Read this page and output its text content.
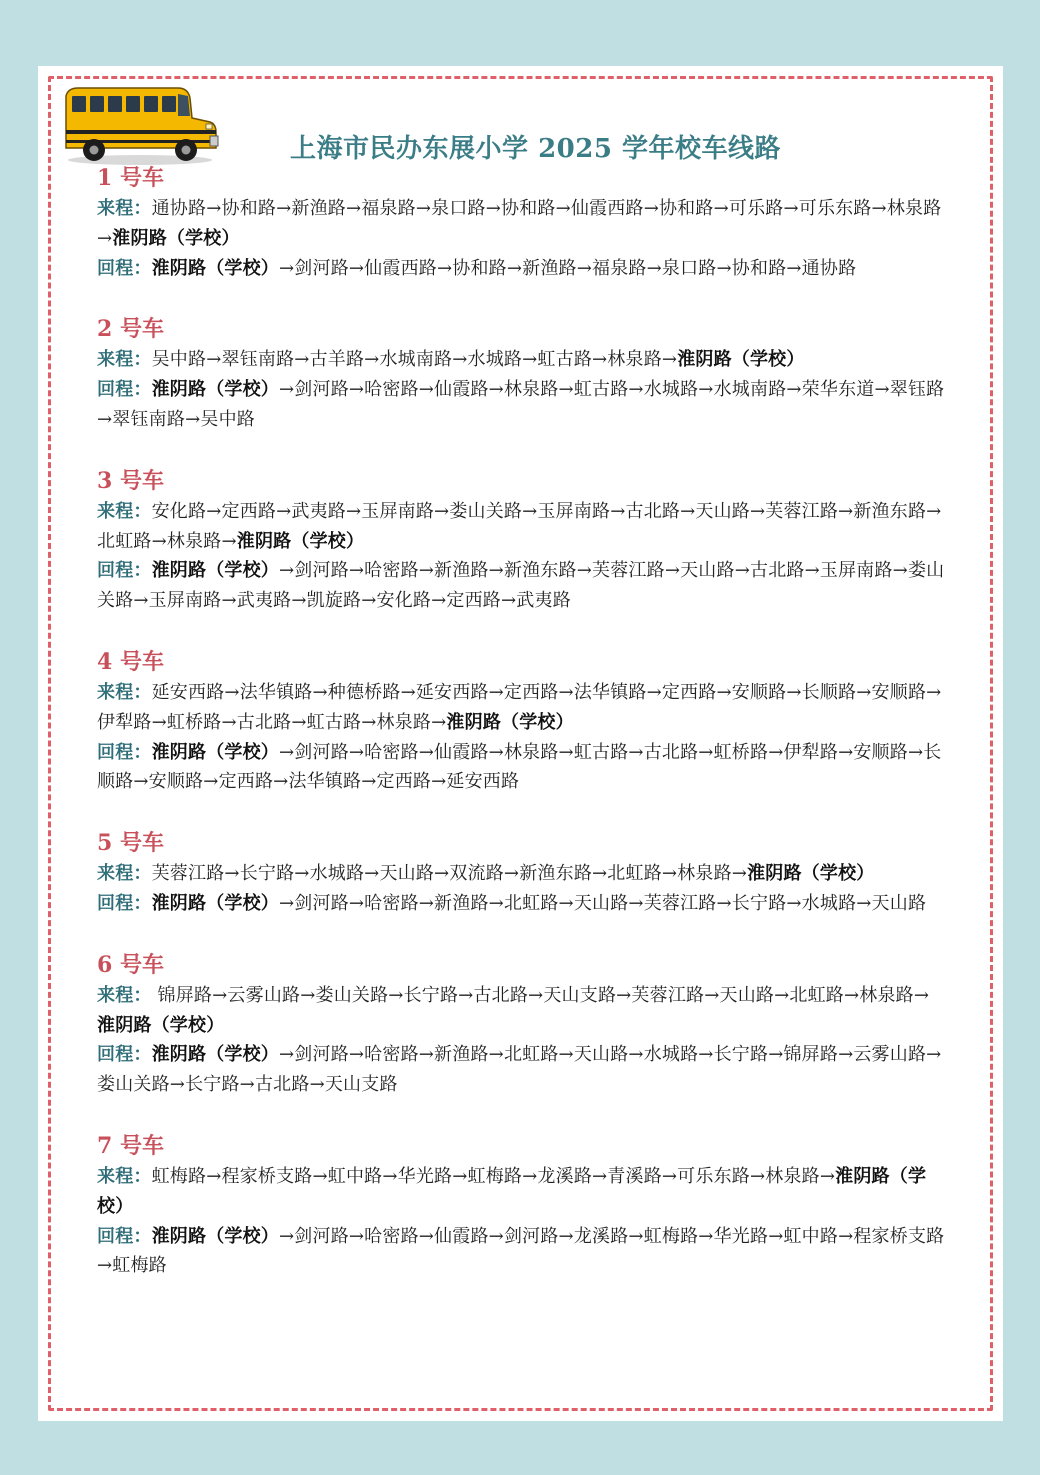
上海市民办东展小学 2025 学年校车线路
1 号车

来程：通协路→协和路→新渔路→福泉路→泉口路→协和路→仙霞西路→协和路→可乐路→可乐东路→林泉路→淮阴路（学校）

回程：淮阴路（学校）→剑河路→仙霞西路→协和路→新渔路→福泉路→泉口路→协和路→通协路

2 号车

来程：吴中路→翠钰南路→古羊路→水城南路→水城路→虹古路→林泉路→淮阴路（学校）

回程：淮阴路（学校）→剑河路→哈密路→仙霞路→林泉路→虹古路→水城路→水城南路→荣华东道→翠钰路→翠钰南路→吴中路

3 号车

来程：安化路→定西路→武夷路→玉屏南路→娄山关路→玉屏南路→古北路→天山路→芙蓉江路→新渔东路→北虹路→林泉路→淮阴路（学校）

回程：淮阴路（学校）→剑河路→哈密路→新渔路→新渔东路→芙蓉江路→天山路→古北路→玉屏南路→娄山关路→玉屏南路→武夷路→凯旋路→安化路→定西路→武夷路

4 号车

来程：延安西路→法华镇路→种德桥路→延安西路→定西路→法华镇路→定西路→安顺路→长顺路→安顺路→伊犁路→虹桥路→古北路→虹古路→林泉路→淮阴路（学校）

回程：淮阴路（学校）→剑河路→哈密路→仙霞路→林泉路→虹古路→古北路→虹桥路→伊犁路→安顺路→长顺路→安顺路→定西路→法华镇路→定西路→延安西路

5 号车

来程：芙蓉江路→长宁路→水城路→天山路→双流路→新渔东路→北虹路→林泉路→淮阴路（学校）

回程：淮阴路（学校）→剑河路→哈密路→新渔路→北虹路→天山路→芙蓉江路→长宁路→水城路→天山路

6 号车

来程： 锦屏路→云雾山路→娄山关路→长宁路→古北路→天山支路→芙蓉江路→天山路→北虹路→林泉路→淮阴路（学校）

回程：淮阴路（学校）→剑河路→哈密路→新渔路→北虹路→天山路→水城路→长宁路→锦屏路→云雾山路→娄山关路→长宁路→古北路→天山支路

7 号车

来程：虹梅路→程家桥支路→虹中路→华光路→虹梅路→龙溪路→青溪路→可乐东路→林泉路→淮阴路（学校）

回程：淮阴路（学校）→剑河路→哈密路→仙霞路→剑河路→龙溪路→虹梅路→华光路→虹中路→程家桥支路→虹梅路
